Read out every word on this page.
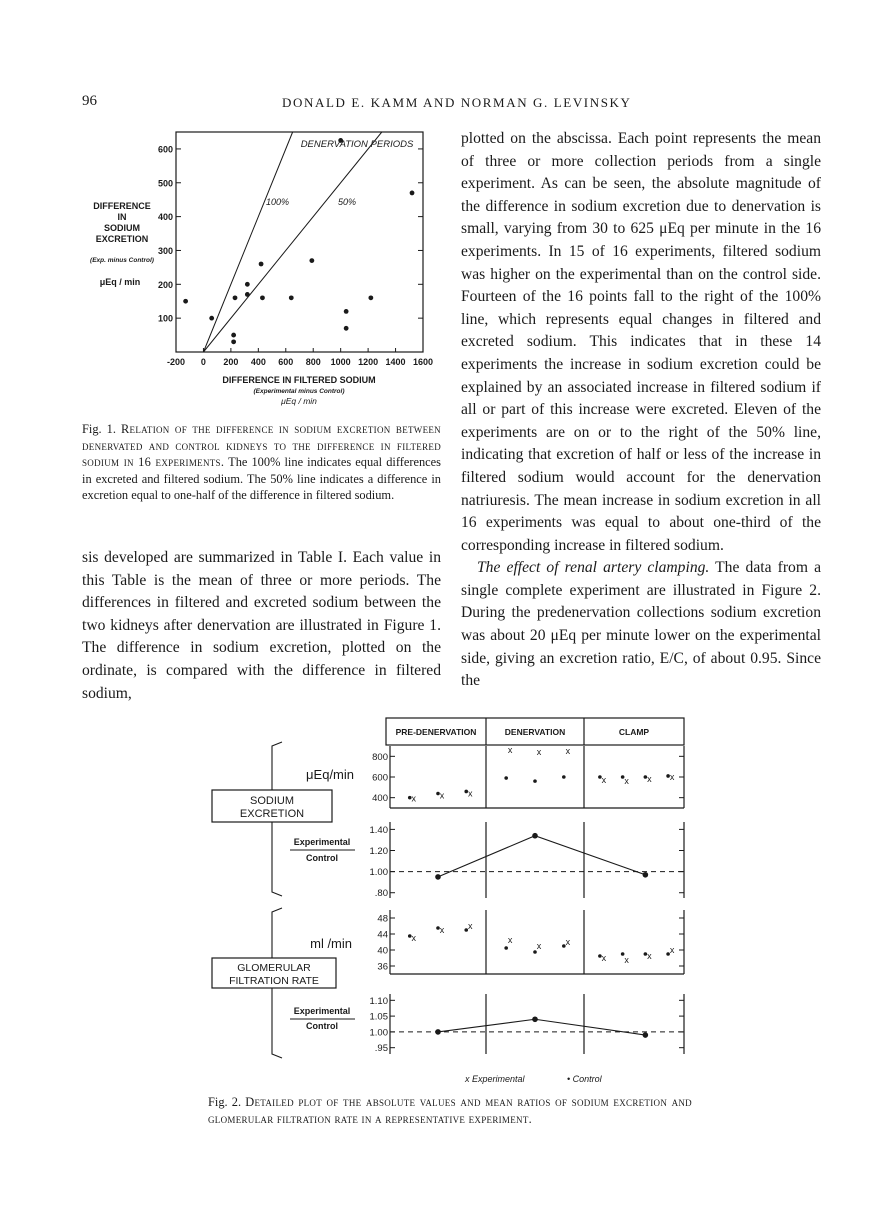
96	DONALD E. KAMM AND NORMAN G. LEVINSKY
-200 0 200 400 600 800 1000 1200 1400 1600
100
200
300
400
500
600	DENERVATION PERIODS
100%	50%
DIFFERENCE
IN
SODIUM
EXCRETION
(Exp. minus Control)
μEq / min
DIFFERENCE IN FILTERED SODIUM
(Experimental minus Control)
μEq / min
Fig. 1. Relation of the difference in sodium excretion between denervated and control kidneys to the difference in filtered sodium in 16 experiments. The 100% line indicates equal differences in excreted and filtered sodium. The 50% line indicates a difference in excretion equal to one-half of the difference in filtered sodium.

sis developed are summarized in Table I. Each value in this Table is the mean of three or more periods. The differences in filtered and excreted sodium between the two kidneys after denervation are illustrated in Figure 1. The difference in sodium excretion, plotted on the ordinate, is compared with the difference in filtered sodium,

plotted on the abscissa. Each point represents the mean of three or more collection periods from a single experiment. As can be seen, the absolute magnitude of the difference in sodium excretion due to denervation is small, varying from 30 to 625 μEq per minute in the 16 experiments. In 15 of 16 experiments, filtered sodium was higher on the experimental than on the control side. Fourteen of the 16 points fall to the right of the 100% line, which represents equal changes in filtered and excreted sodium. This indicates that in these 14 experiments the increase in sodium excretion could be explained by an associated increase in filtered sodium if all or part of this increase were excreted. Eleven of the experiments are on or to the right of the 50% line, indicating that excretion of half or less of the increase in filtered sodium would account for the denervation natriuresis. The mean increase in sodium excretion in all 16 experiments was equal to about one-third of the corresponding increase in filtered sodium.

The effect of renal artery clamping. The data from a single complete experiment are illustrated in Figure 2. During the predenervation collections sodium excretion was about 20 μEq per minute lower on the experimental side, giving an excretion ratio, E/C, of about 0.95. Since the

PRE-DENERVATION	DENERVATION	CLAMP
400
600
800
x	x	x
x	x	x
x x x x
.80
1.00
1.20
1.40
36
40
44
48
x
x	x
x
x	x
x x x
x
.95
1.00
1.05
1.10
μEq/min
SODIUM
EXCRETION
Experimental
Control
ml /min
GLOMERULAR
FILTRATION RATE
Experimental
Control
x Experimental	• Control
Fig. 2. Detailed plot of the absolute values and mean ratios of sodium excretion and glomerular filtration rate in a representative experiment.
